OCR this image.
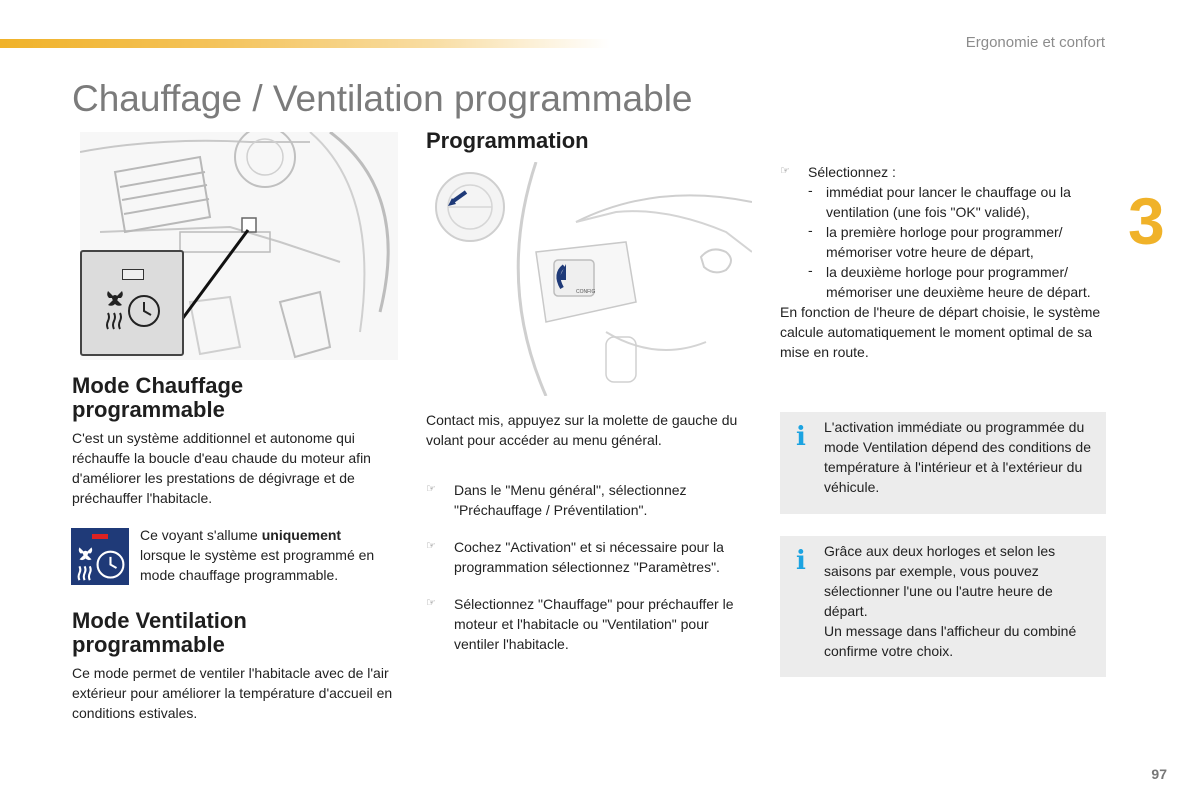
Ergonomie et confort
Chauffage / Ventilation programmable
3
Mode Chauffage
programmable
C'est un système additionnel et autonome qui réchauffe la boucle d'eau chaude du moteur afin d'améliorer les prestations de dégivrage et de préchauffer l'habitacle.
Ce voyant s'allume uniquement lorsque le système est programmé en mode chauffage programmable.
Mode Ventilation
programmable
Ce mode permet de ventiler l'habitacle avec de l'air extérieur pour améliorer la température d'accueil en conditions estivales.
Programmation
CONFIG
Contact mis, appuyez sur la molette de gauche du volant pour accéder au menu général.
☞	Dans le "Menu général", sélectionnez "Préchauffage / Préventilation".
☞	Cochez "Activation" et si nécessaire pour la programmation sélectionnez "Paramètres".
☞	Sélectionnez "Chauffage" pour préchauffer le moteur et l'habitacle ou "Ventilation" pour ventiler l'habitacle.
☞	Sélectionnez :
- immédiat pour lancer le chauffage ou la ventilation (une fois "OK" validé),
- la première horloge pour programmer/ mémoriser votre heure de départ,
- la deuxième horloge pour programmer/ mémoriser une deuxième heure de départ.
En fonction de l'heure de départ choisie, le système calcule automatiquement le moment optimal de sa mise en route.
i L'activation immédiate ou programmée du mode Ventilation dépend des conditions de température à l'intérieur et à l'extérieur du véhicule.
i Grâce aux deux horloges et selon les saisons par exemple, vous pouvez sélectionner l'une ou l'autre heure de départ.
Un message dans l'afficheur du combiné confirme votre choix.
97
